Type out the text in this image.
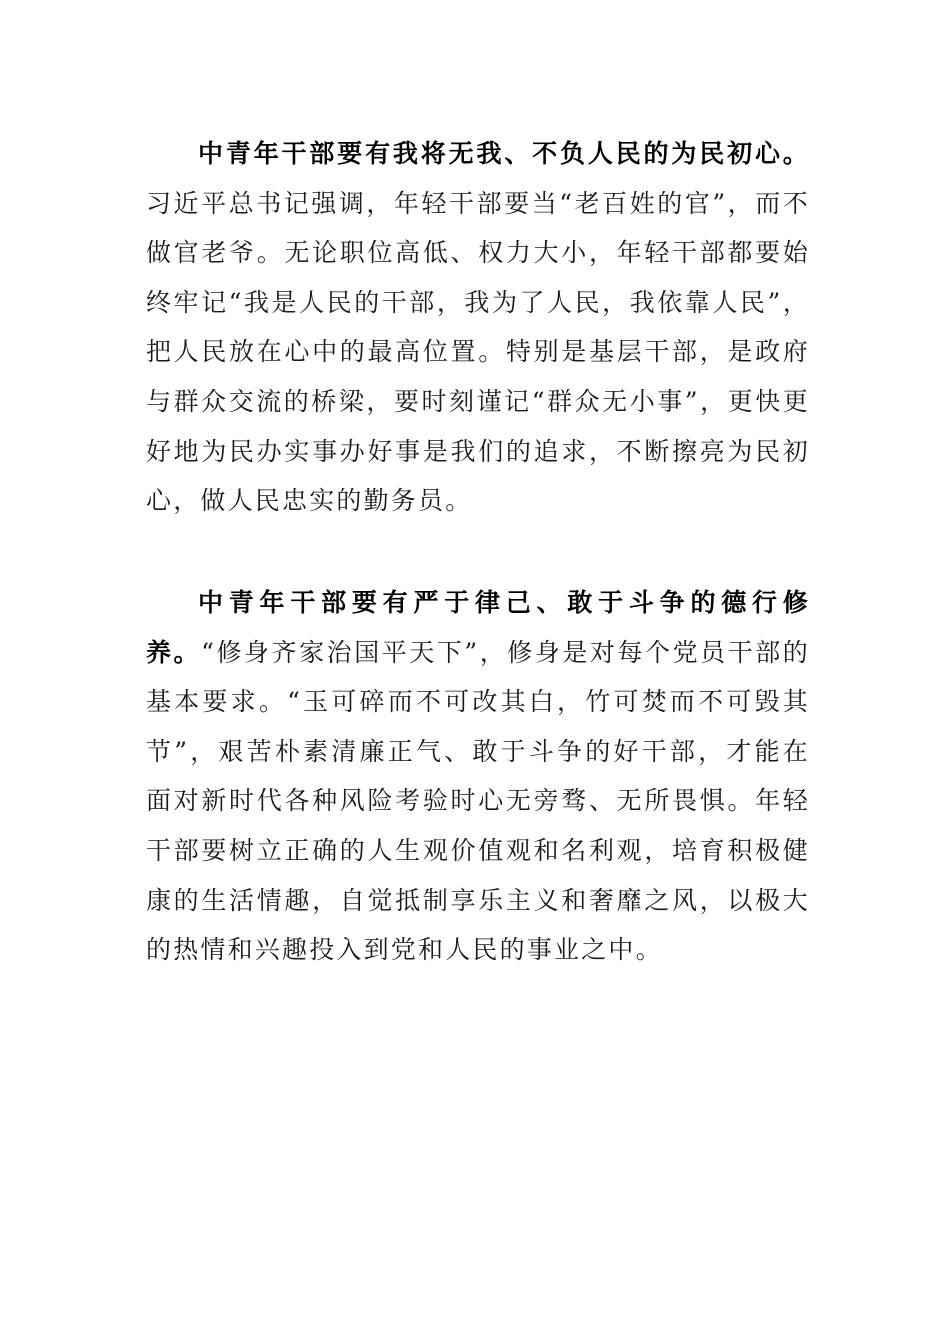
中青年干部要有我将无我、不负人民的为民初心。习近平总书记强调，年轻干部要当“老百姓的官”，而不做官老爷。无论职位高低、权力大小，年轻干部都要始终牢记“我是人民的干部，我为了人民，我依靠人民”，把人民放在心中的最高位置。特别是基层干部，是政府与群众交流的桥梁，要时刻谨记“群众无小事”，更快更好地为民办实事办好事是我们的追求，不断擦亮为民初心，做人民忠实的勤务员。

中青年干部要有严于律己、敢于斗争的德行修养。“修身齐家治国平天下”，修身是对每个党员干部的基本要求。“玉可碎而不可改其白，竹可焚而不可毁其节”，艰苦朴素清廉正气、敢于斗争的好干部，才能在面对新时代各种风险考验时心无旁骛、无所畏惧。年轻干部要树立正确的人生观价值观和名利观，培育积极健康的生活情趣，自觉抵制享乐主义和奢靡之风，以极大的热情和兴趣投入到党和人民的事业之中。
